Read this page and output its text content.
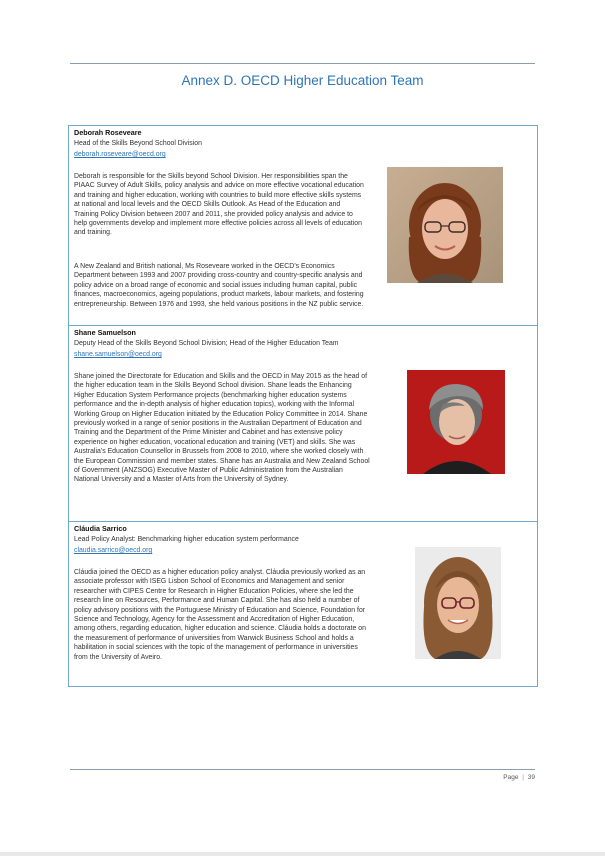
Annex D. OECD Higher Education Team
Deborah Roseveare
Head of the Skills Beyond School Division
deborah.roseveare@oecd.org

Deborah is responsible for the Skills beyond School Division. Her responsibilities span the PIAAC Survey of Adult Skills, policy analysis and advice on more effective vocational education and training and higher education, working with countries to build more effective skills systems at national and local levels and the OECD Skills Outlook. As Head of the Education and Training Policy Division between 2007 and 2011, she provided policy analysis and advice to help governments develop and implement more effective policies across all levels of education and training.

A New Zealand and British national, Ms Roseveare worked in the OECD’s Economics Department between 1993 and 2007 providing cross-country and country-specific analysis and policy advice on a broad range of economic and social issues including human capital, public finances, macroeconomics, ageing populations, product markets, labour markets, and fostering entrepreneurship. Between 1976 and 1993, she held various positions in the NZ public service.

Shane Samuelson
Deputy Head of the Skills Beyond School Division; Head of the Higher Education Team
shane.samuelson@oecd.org

Shane joined the Directorate for Education and Skills and the OECD in May 2015 as the head of the higher education team in the Skills Beyond School division. Shane leads the Enhancing Higher Education System Performance projects (benchmarking higher education systems performance and the in-depth analysis of higher education topics), working with the Informal Working Group on Higher Education initiated by the Education Policy Committee in 2014. Shane previously worked in a range of senior positions in the Australian Department of Education and Training and the Department of the Prime Minister and Cabinet and has extensive policy experience on higher education, vocational education and training (VET) and skills. She was Australia’s Education Counsellor in Brussels from 2008 to 2010, where she worked closely with the European Commission and member states. Shane has an Australia and New Zealand School of Government (ANZSOG) Executive Master of Public Administration from the Australian National University and a Master of Arts from the University of Sydney.

Cláudia Sarrico
Lead Policy Analyst: Benchmarking higher education system performance
claudia.sarrico@oecd.org

Cláudia joined the OECD as a higher education policy analyst. Cláudia previously worked as an associate professor with ISEG Lisbon School of Economics and Management and senior researcher with CIPES Centre for Research in Higher Education Policies, where she led the research line on Resources, Performance and Human Capital. She has also held a number of policy advisory positions with the Portuguese Ministry of Education and Science, Foundation for Science and Technology, Agency for the Assessment and Accreditation of Higher Education, among others, regarding education, higher education and science. Cláudia holds a doctorate on the measurement of performance of universities from Warwick Business School and holds a habilitation in social sciences with the topic of the management of performance in universities from the University of Aveiro.

Page | 39
